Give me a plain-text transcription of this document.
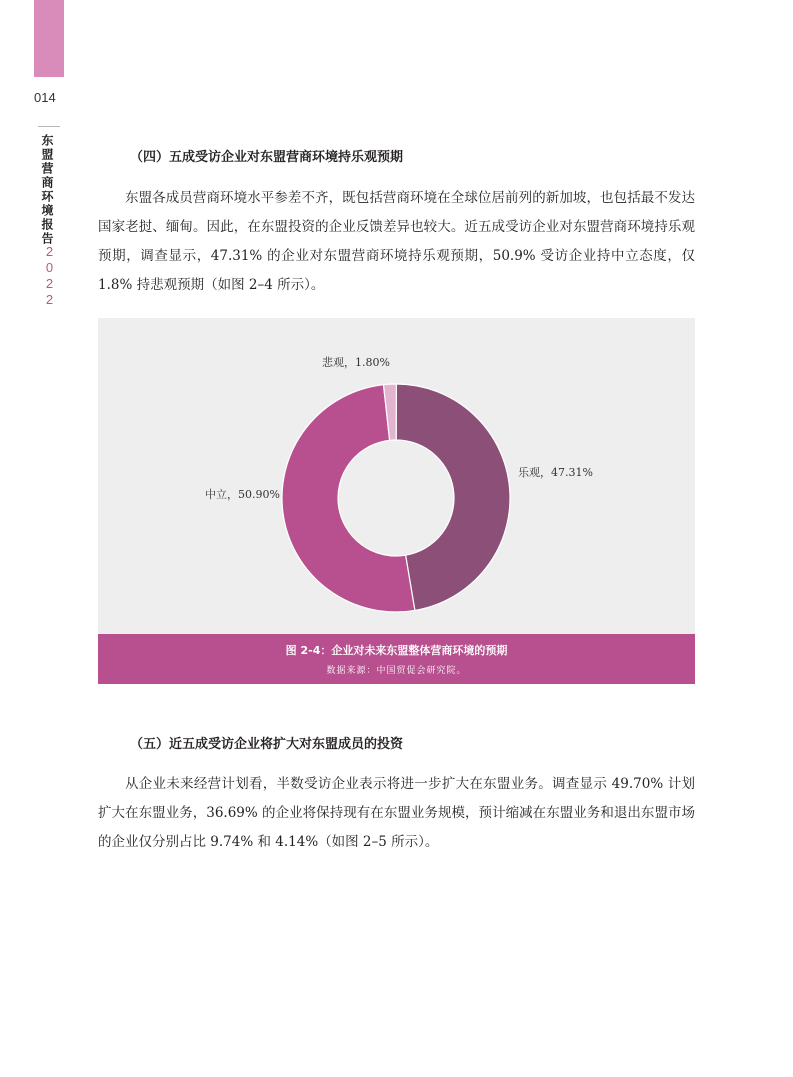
014
东盟营商环境报告
2022
（四）五成受访企业对东盟营商环境持乐观预期

东盟各成员营商环境水平参差不齐，既包括营商环境在全球位居前列的新加坡，也包括最不发达国家老挝、缅甸。因此，在东盟投资的企业反馈差异也较大。近五成受访企业对东盟营商环境持乐观预期，调查显示，47.31% 的企业对东盟营商环境持乐观预期，50.9% 受访企业持中立态度，仅 1.8% 持悲观预期（如图 2–4 所示）。

乐观，47.31%
中立，50.90%
悲观，1.80%
图 2-4：企业对未来东盟整体营商环境的预期
数据来源：中国贸促会研究院。
（五）近五成受访企业将扩大对东盟成员的投资

从企业未来经营计划看，半数受访企业表示将进一步扩大在东盟业务。调查显示 49.70% 计划扩大在东盟业务，36.69% 的企业将保持现有在东盟业务规模，预计缩减在东盟业务和退出东盟市场的企业仅分别占比 9.74% 和 4.14%（如图 2–5 所示）。
